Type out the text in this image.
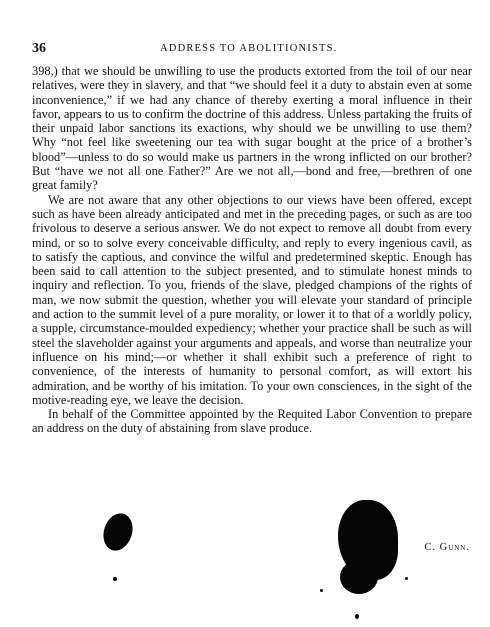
36	ADDRESS TO ABOLITIONISTS.

398,) that we should be unwilling to use the products extorted from the toil of our near relatives, were they in slavery, and that “we should feel it a duty to abstain even at some inconvenience,” if we had any chance of thereby exerting a moral influence in their favor, appears to us to confirm the doctrine of this address. Unless partaking the fruits of their unpaid labor sanctions its exactions, why should we be unwilling to use them? Why “not feel like sweetening our tea with sugar bought at the price of a brother’s blood”—unless to do so would make us partners in the wrong inflicted on our brother? But “have we not all one Father?” Are we not all,—bond and free,—brethren of one great family?

We are not aware that any other objections to our views have been offered, except such as have been already anticipated and met in the preceding pages, or such as are too frivolous to deserve a serious answer. We do not expect to remove all doubt from every mind, or so to solve every conceivable difficulty, and reply to every ingenious cavil, as to satisfy the captious, and convince the wilful and predetermined skeptic. Enough has been said to call attention to the subject presented, and to stimulate honest minds to inquiry and reflection. To you, friends of the slave, pledged champions of the rights of man, we now submit the question, whether you will elevate your standard of principle and action to the summit level of a pure morality, or lower it to that of a worldly policy, a supple, circumstance-moulded expediency; whether your practice shall be such as will steel the slaveholder against your arguments and appeals, and worse than neutralize your influence on his mind;—or whether it shall exhibit such a preference of right to convenience, of the interests of humanity to personal comfort, as will extort his admiration, and be worthy of his imitation. To your own consciences, in the sight of the motive-reading eye, we leave the decision.

In behalf of the Committee appointed by the Requited Labor Convention to prepare an address on the duty of abstaining from slave produce.

C. Gunn.
